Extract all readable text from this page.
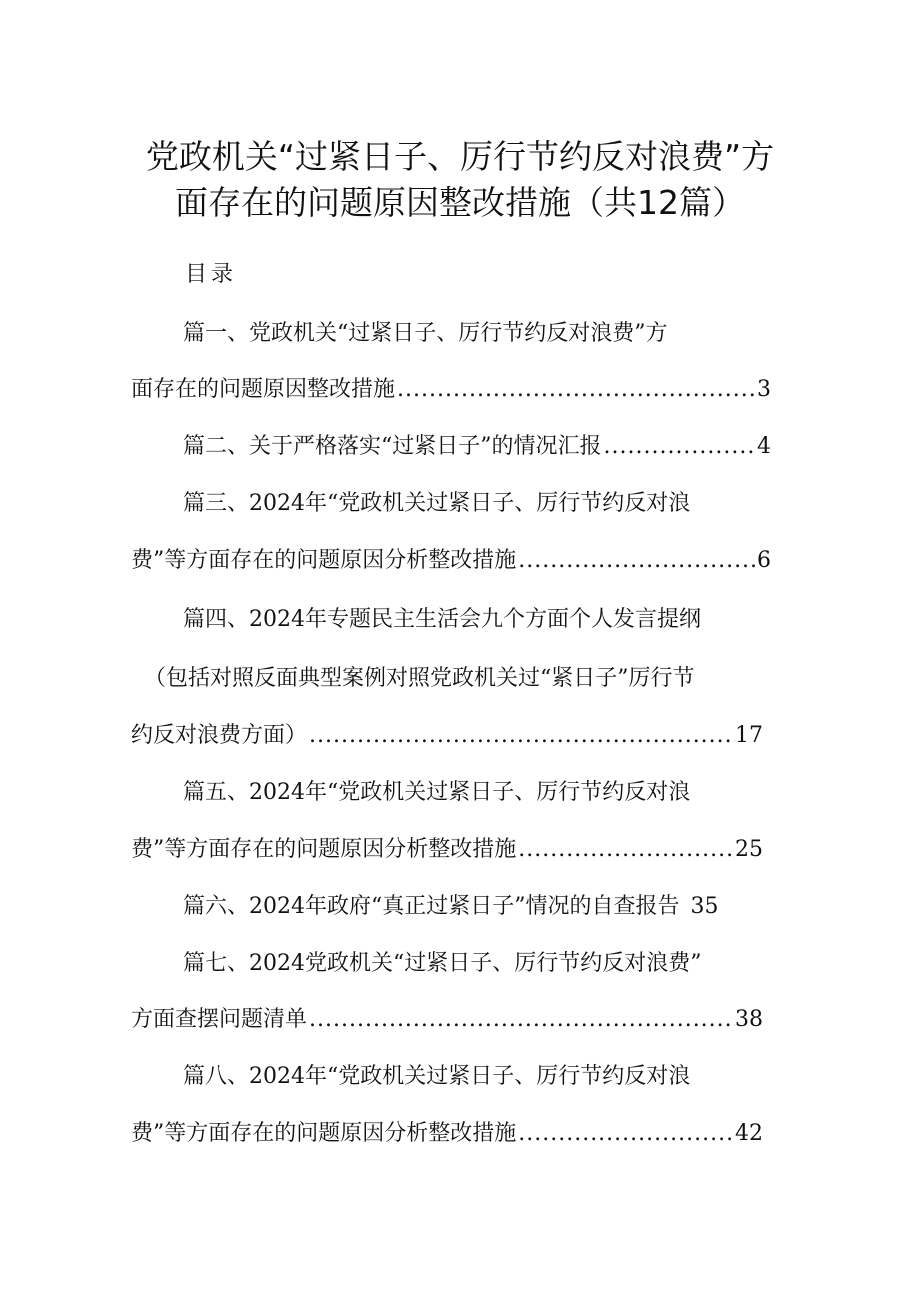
党政机关“过紧日子、厉行节约反对浪费”方
面存在的问题原因整改措施（共12篇）
目录
篇一、党政机关“过紧日子、厉行节约反对浪费”方
面存在的问题原因整改措施 .....	3
篇二、关于严格落实“过紧日子”的情况汇报 .....	4
篇三、2024年“党政机关过紧日子、厉行节约反对浪
费”等方面存在的问题原因分析整改措施 .....	6
篇四、2024年专题民主生活会九个方面个人发言提纲
（包括对照反面典型案例对照党政机关过“紧日子”厉行节
约反对浪费方面） .....	17
篇五、2024年“党政机关过紧日子、厉行节约反对浪
费”等方面存在的问题原因分析整改措施 .....	25
篇六、2024年政府“真正过紧日子”情况的自查报告 35
篇七、2024党政机关“过紧日子、厉行节约反对浪费”
方面查摆问题清单 .....	38
篇八、2024年“党政机关过紧日子、厉行节约反对浪
费”等方面存在的问题原因分析整改措施 .....	42
